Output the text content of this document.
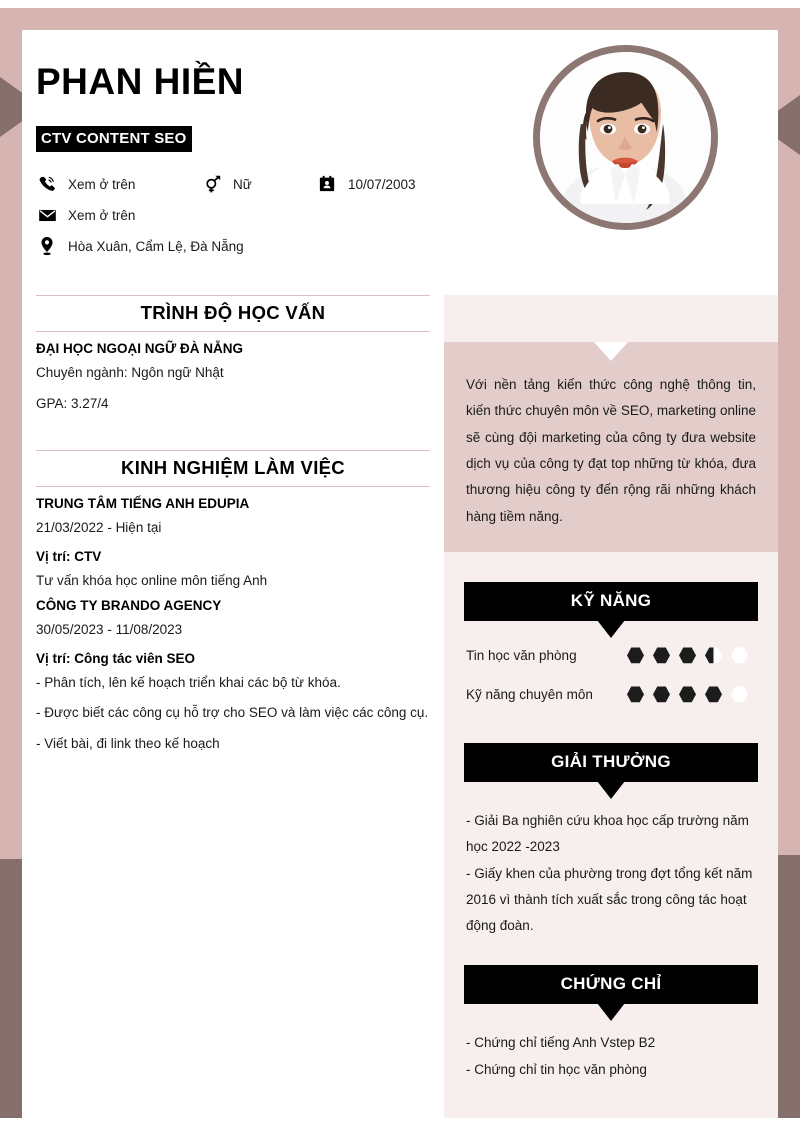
PHAN HIỀN
CTV CONTENT SEO
Xem ở trên	Nữ	10/07/2003
Xem ở trên
Hòa Xuân, Cẩm Lệ, Đà Nẵng
TRÌNH ĐỘ HỌC VẤN
ĐẠI HỌC NGOẠI NGỮ ĐÀ NẴNG
Chuyên ngành: Ngôn ngữ Nhật
GPA: 3.27/4
KINH NGHIỆM LÀM VIỆC
TRUNG TÂM TIẾNG ANH EDUPIA
21/03/2022 - Hiện tại
Vị trí: CTV
Tư vấn khóa học online môn tiếng Anh
CÔNG TY BRANDO AGENCY
30/05/2023 - 11/08/2023
Vị trí: Công tác viên SEO
- Phân tích, lên kế hoạch triển khai các bộ từ khóa.
- Được biết các công cụ hỗ trợ cho SEO và làm việc các công cụ.
- Viết bài, đi link theo kế hoạch

Với nền tảng kiến thức công nghệ thông tin, kiến thức chuyên môn về SEO, marketing online sẽ cùng đội marketing của công ty đưa website dịch vụ của công ty đạt top những từ khóa, đưa thương hiệu công ty đến rộng rãi những khách hàng tiềm năng.

KỸ NĂNG
Tin học văn phòng
Kỹ năng chuyên môn
GIẢI THƯỞNG

- Giải Ba nghiên cứu khoa học cấp trường năm học 2022 -2023

- Giấy khen của phường trong đợt tổng kết năm 2016 vì thành tích xuất sắc trong công tác hoạt động đoàn.

CHỨNG CHỈ

- Chứng chỉ tiếng Anh Vstep B2

- Chứng chỉ tin học văn phòng
